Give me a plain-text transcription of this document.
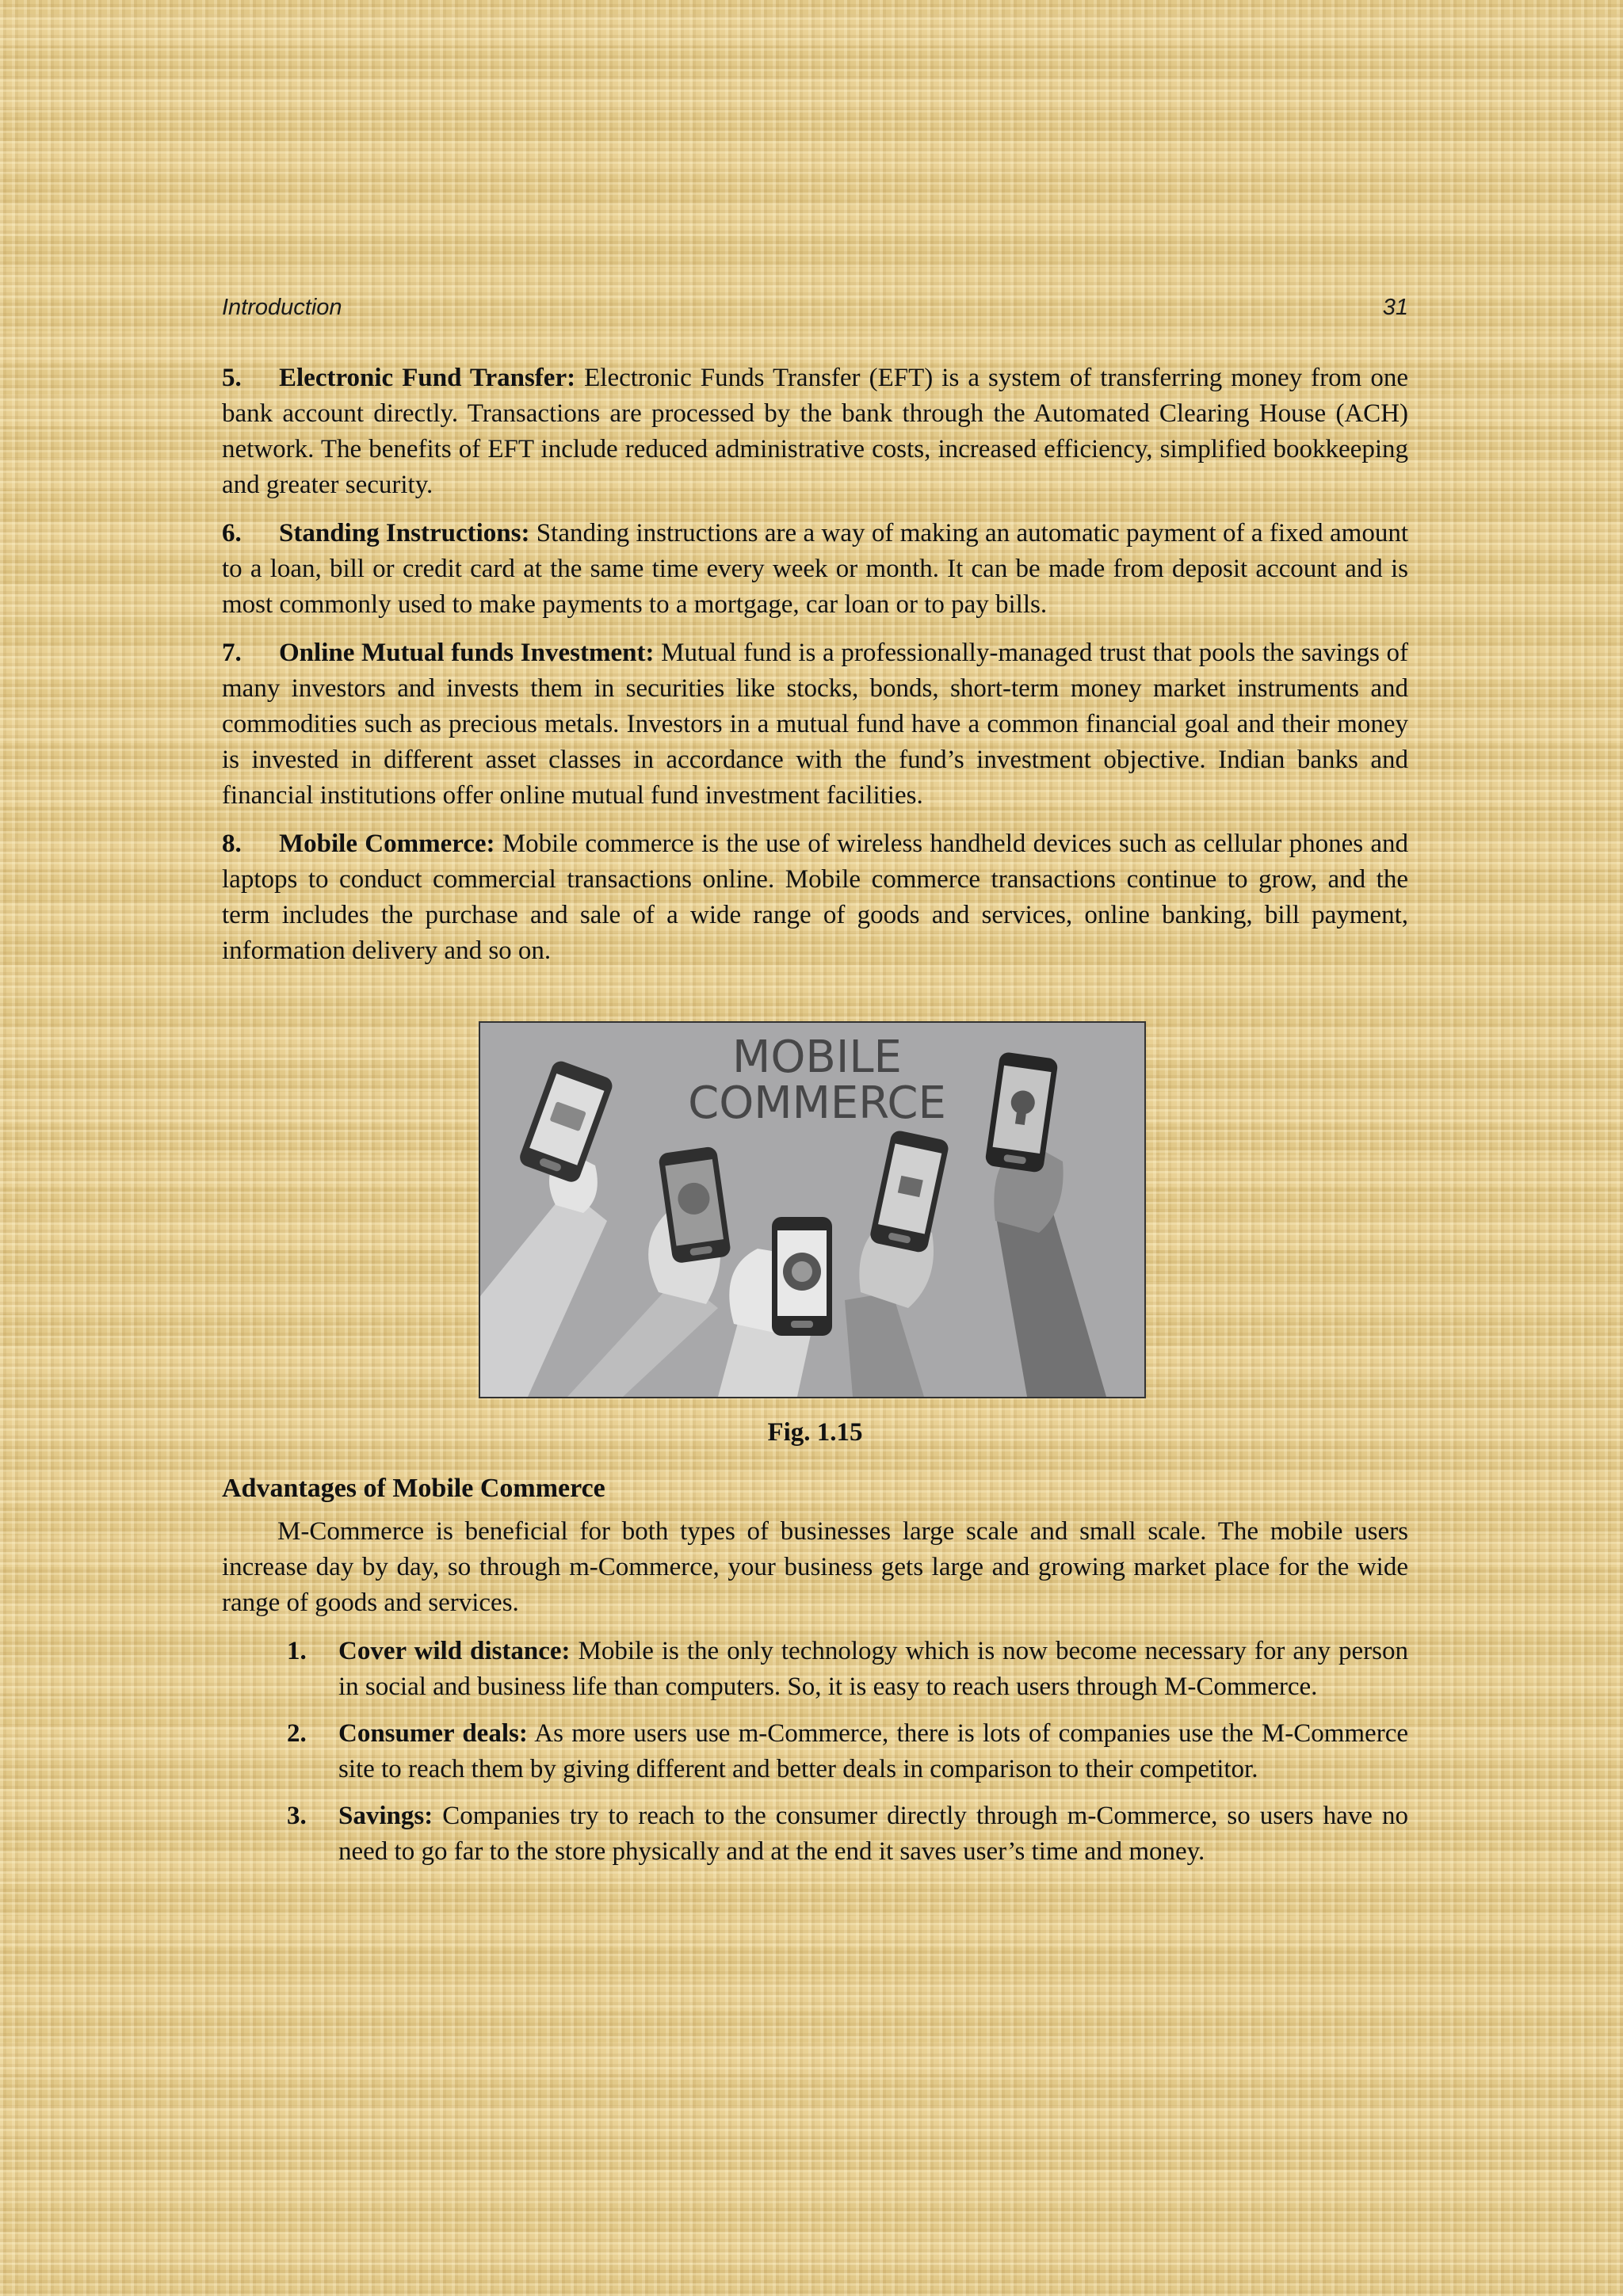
Introduction	31

5. Electronic Fund Transfer: Electronic Funds Transfer (EFT) is a system of transferring money from one bank account directly. Transactions are processed by the bank through the Automated Clearing House (ACH) network. The benefits of EFT include reduced administrative costs, increased efficiency, simplified bookkeeping and greater security.

6. Standing Instructions: Standing instructions are a way of making an automatic payment of a fixed amount to a loan, bill or credit card at the same time every week or month. It can be made from deposit account and is most commonly used to make payments to a mortgage, car loan or to pay bills.

7. Online Mutual funds Investment: Mutual fund is a professionally-managed trust that pools the savings of many investors and invests them in securities like stocks, bonds, short-term money market instruments and commodities such as precious metals. Investors in a mutual fund have a common financial goal and their money is invested in different asset classes in accordance with the fund’s investment objective. Indian banks and financial institutions offer online mutual fund investment facilities.

8. Mobile Commerce: Mobile commerce is the use of wireless handheld devices such as cellular phones and laptops to conduct commercial transactions online. Mobile commerce transactions continue to grow, and the term includes the purchase and sale of a wide range of goods and services, online banking, bill payment, information delivery and so on.

MOBILE
COMMERCE
Fig. 1.15
Advantages of Mobile Commerce

M-Commerce is beneficial for both types of businesses large scale and small scale. The mobile users increase day by day, so through m-Commerce, your business gets large and growing market place for the wide range of goods and services.

1. Cover wild distance: Mobile is the only technology which is now become necessary for any person in social and business life than computers. So, it is easy to reach users through M-Commerce.
2. Consumer deals: As more users use m-Commerce, there is lots of companies use the M-Commerce site to reach them by giving different and better deals in comparison to their competitor.
3. Savings: Companies try to reach to the consumer directly through m-Commerce, so users have no need to go far to the store physically and at the end it saves user’s time and money.
